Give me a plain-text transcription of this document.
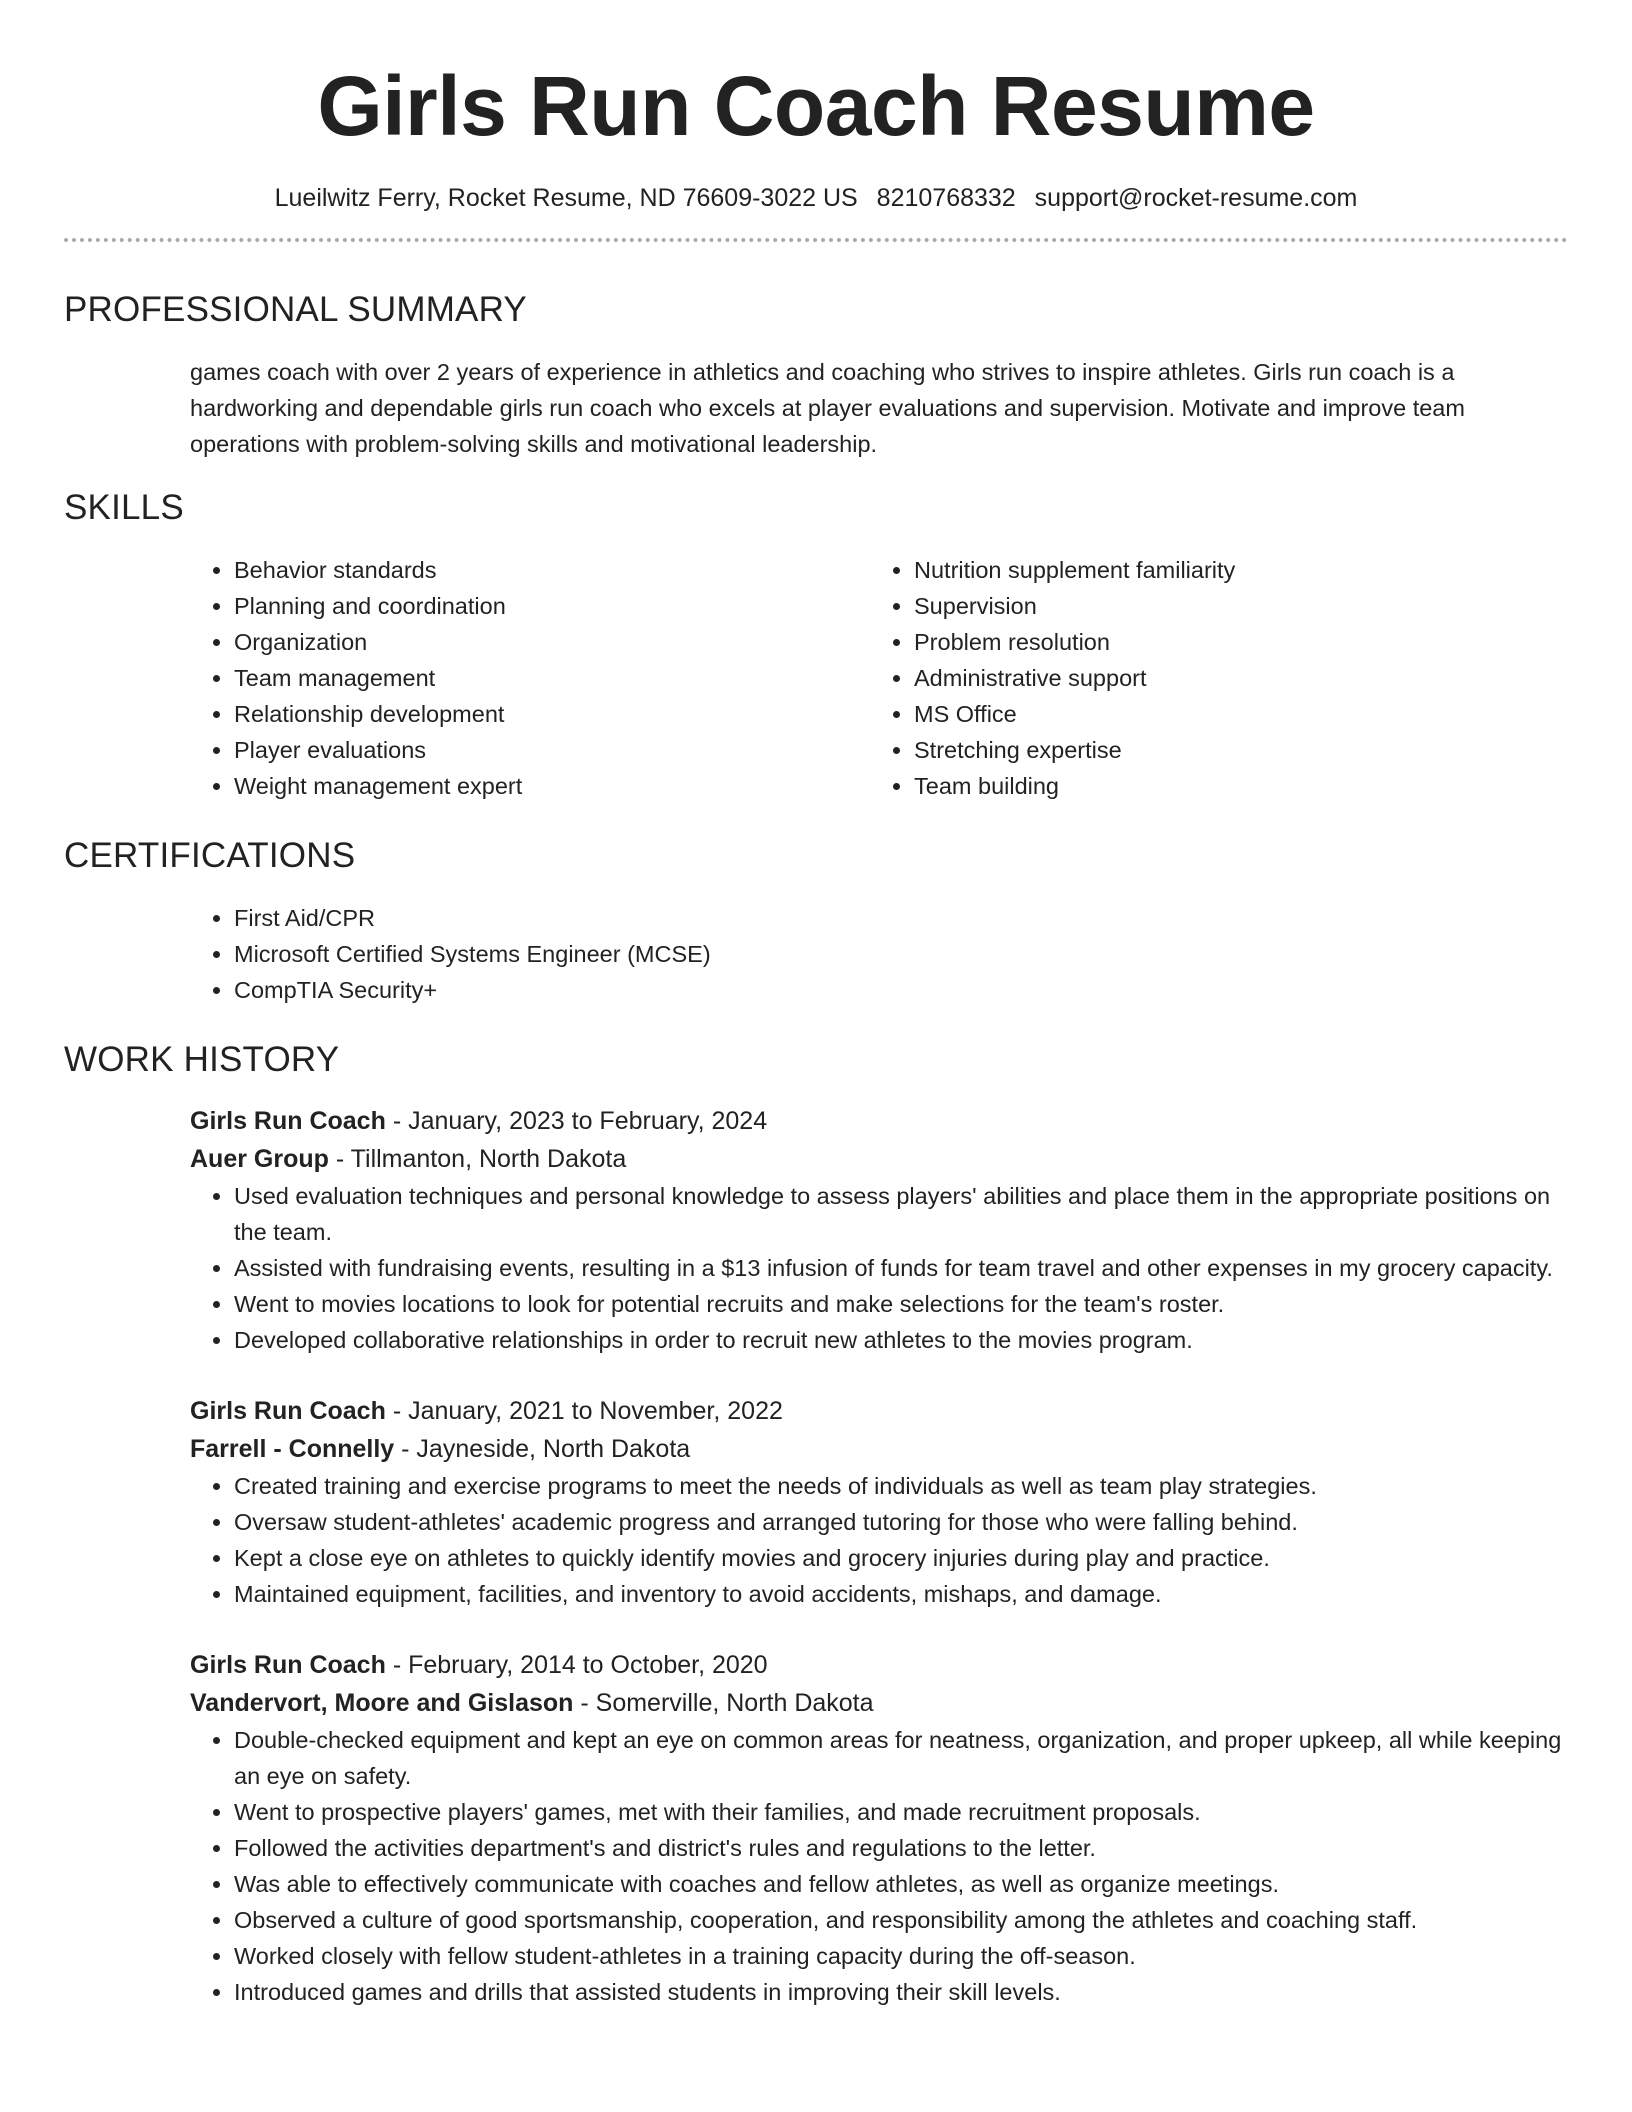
Girls Run Coach Resume
Lueilwitz Ferry, Rocket Resume, ND 76609-3022 US 8210768332 support@rocket-resume.com
PROFESSIONAL SUMMARY
games coach with over 2 years of experience in athletics and coaching who strives to inspire athletes. Girls run coach is a hardworking and dependable girls run coach who excels at player evaluations and supervision. Motivate and improve team operations with problem-solving skills and motivational leadership.
SKILLS
• Behavior standards
• Planning and coordination
• Organization
• Team management
• Relationship development
• Player evaluations
• Weight management expert
• Nutrition supplement familiarity
• Supervision
• Problem resolution
• Administrative support
• MS Office
• Stretching expertise
• Team building
CERTIFICATIONS
• First Aid/CPR
• Microsoft Certified Systems Engineer (MCSE)
• CompTIA Security+
WORK HISTORY
Girls Run Coach - January, 2023 to February, 2024
Auer Group - Tillmanton, North Dakota
• Used evaluation techniques and personal knowledge to assess players' abilities and place them in the appropriate positions on the team.
• Assisted with fundraising events, resulting in a $13 infusion of funds for team travel and other expenses in my grocery capacity.
• Went to movies locations to look for potential recruits and make selections for the team's roster.
• Developed collaborative relationships in order to recruit new athletes to the movies program.
Girls Run Coach - January, 2021 to November, 2022
Farrell - Connelly - Jayneside, North Dakota
• Created training and exercise programs to meet the needs of individuals as well as team play strategies.
• Oversaw student-athletes' academic progress and arranged tutoring for those who were falling behind.
• Kept a close eye on athletes to quickly identify movies and grocery injuries during play and practice.
• Maintained equipment, facilities, and inventory to avoid accidents, mishaps, and damage.
Girls Run Coach - February, 2014 to October, 2020
Vandervort, Moore and Gislason - Somerville, North Dakota
• Double-checked equipment and kept an eye on common areas for neatness, organization, and proper upkeep, all while keeping an eye on safety.
• Went to prospective players' games, met with their families, and made recruitment proposals.
• Followed the activities department's and district's rules and regulations to the letter.
• Was able to effectively communicate with coaches and fellow athletes, as well as organize meetings.
• Observed a culture of good sportsmanship, cooperation, and responsibility among the athletes and coaching staff.
• Worked closely with fellow student-athletes in a training capacity during the off-season.
• Introduced games and drills that assisted students in improving their skill levels.
